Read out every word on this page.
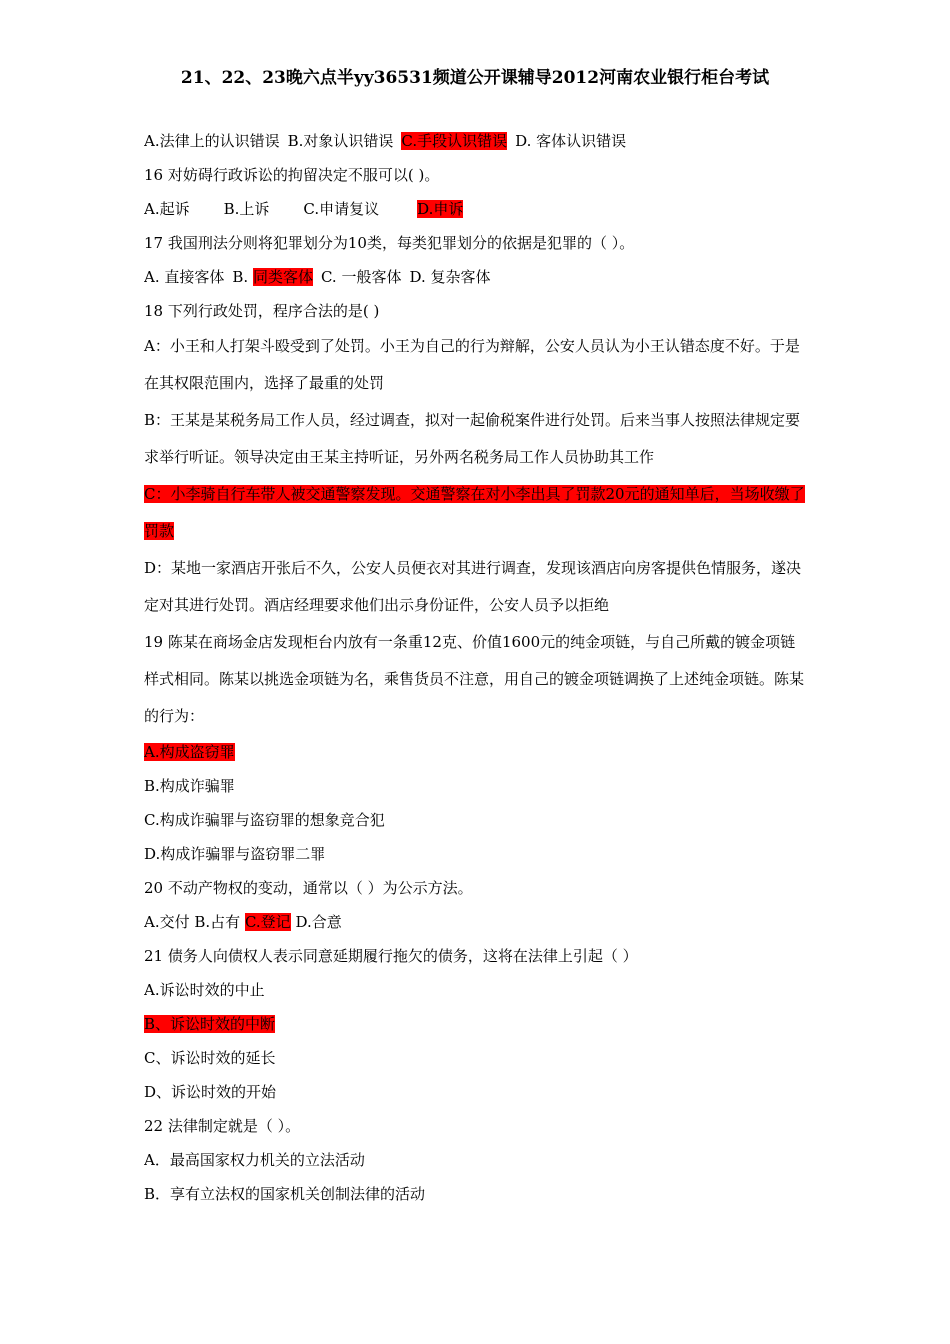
21、22、23晚六点半yy36531频道公开课辅导2012河南农业银行柜台考试
A.法律上的认识错误 B.对象认识错误 C.手段认识错误 D. 客体认识错误
16 对妨碍行政诉讼的拘留决定不服可以( )。
A.起诉 B.上诉 C.申请复议	D.申诉
17 我国刑法分则将犯罪划分为10类，每类犯罪划分的依据是犯罪的（ ）。
A. 直接客体 B. 同类客体 C. 一般客体 D. 复杂客体
18 下列行政处罚，程序合法的是( )
A：小王和人打架斗殴受到了处罚。小王为自己的行为辩解，公安人员认为小王认错态度不好。于是在其权限范围内，选择了最重的处罚
B：王某是某税务局工作人员，经过调查，拟对一起偷税案件进行处罚。后来当事人按照法律规定要求举行听证。领导决定由王某主持听证，另外两名税务局工作人员协助其工作
C：小李骑自行车带人被交通警察发现。交通警察在对小李出具了罚款20元的通知单后，当场收缴了罚款
D：某地一家酒店开张后不久，公安人员便衣对其进行调查，发现该酒店向房客提供色情服务，遂决定对其进行处罚。酒店经理要求他们出示身份证件，公安人员予以拒绝
19 陈某在商场金店发现柜台内放有一条重12克、价值1600元的纯金项链，与自己所戴的镀金项链样式相同。陈某以挑选金项链为名，乘售货员不注意，用自己的镀金项链调换了上述纯金项链。陈某的行为：
A.构成盗窃罪
B.构成诈骗罪
C.构成诈骗罪与盗窃罪的想象竞合犯
D.构成诈骗罪与盗窃罪二罪
20 不动产物权的变动，通常以（ ）为公示方法。
A.交付 B.占有 C.登记 D.合意
21 债务人向债权人表示同意延期履行拖欠的债务，这将在法律上引起（ ）
A.诉讼时效的中止
B、诉讼时效的中断
C、诉讼时效的延长
D、诉讼时效的开始
22 法律制定就是（ ）。
A．最高国家权力机关的立法活动
B．享有立法权的国家机关创制法律的活动
